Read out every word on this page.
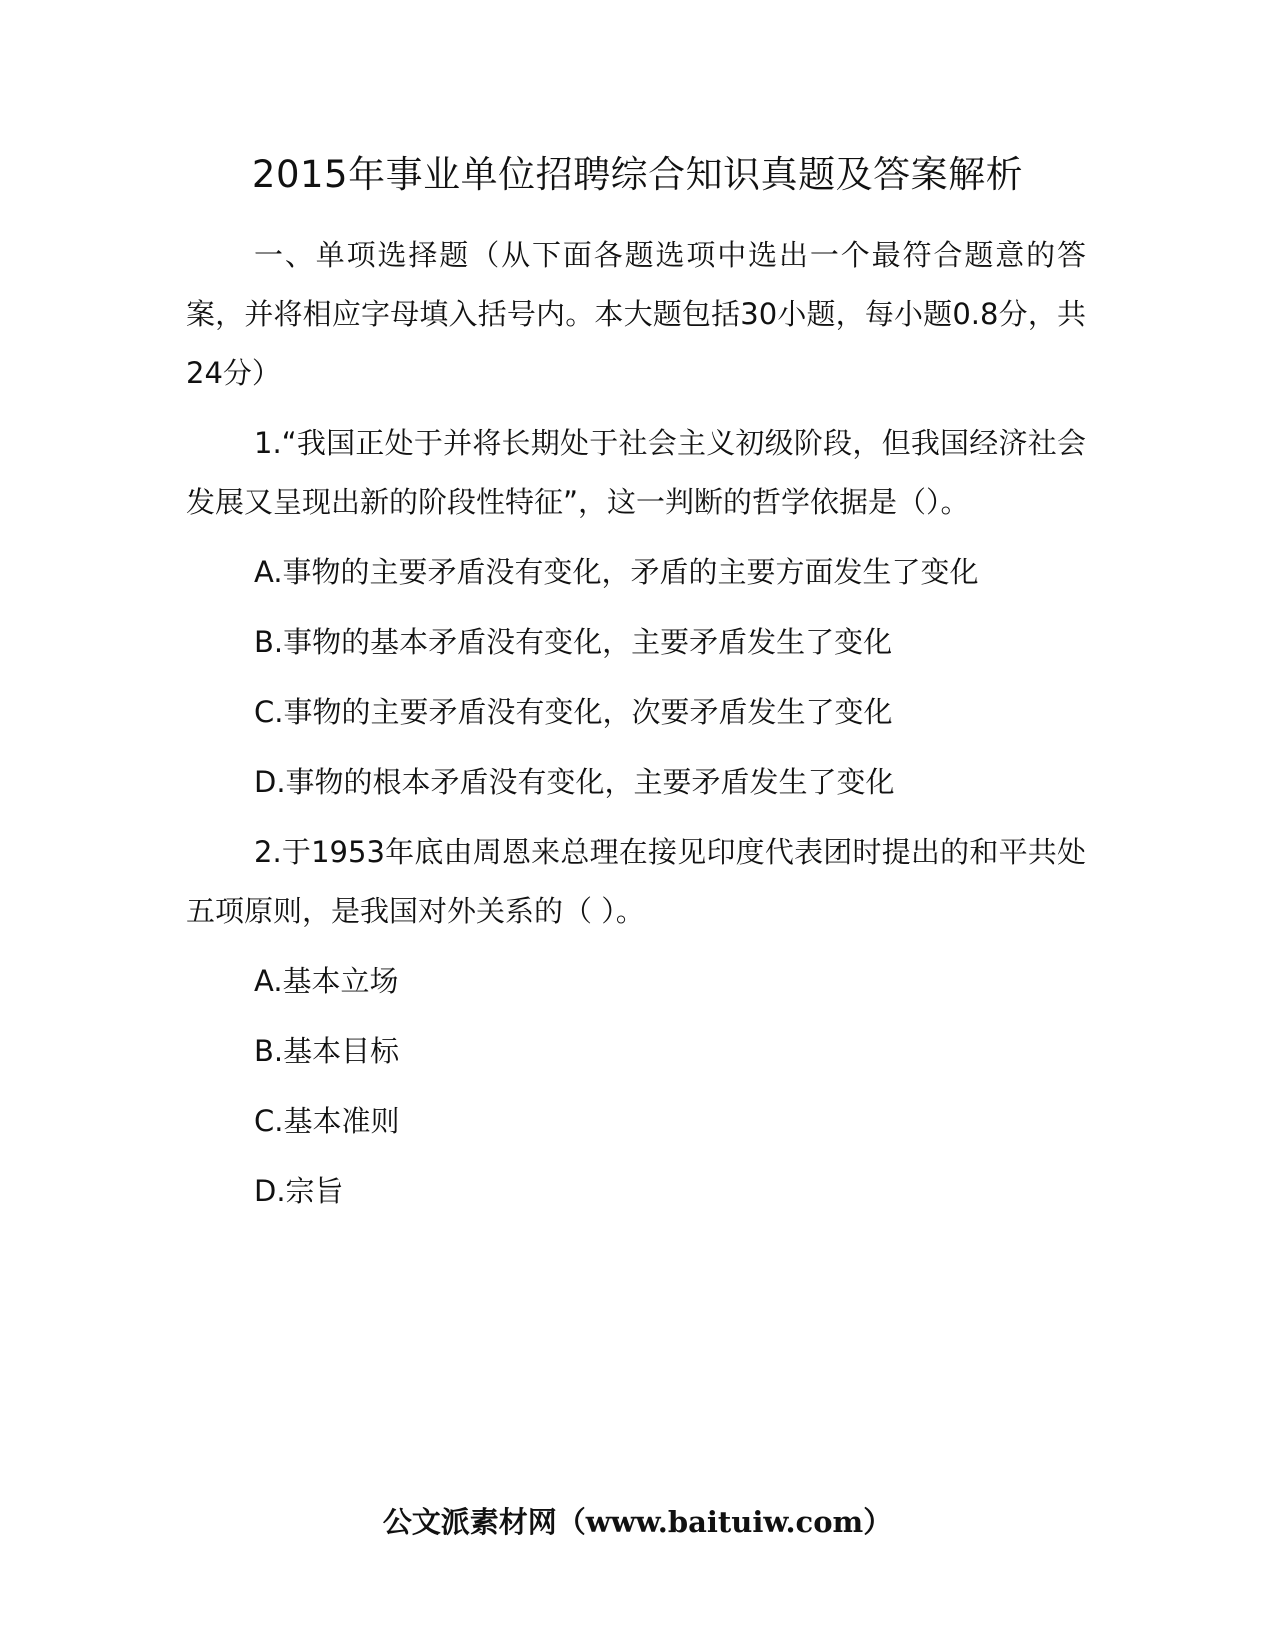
2015年事业单位招聘综合知识真题及答案解析

一、单项选择题（从下面各题选项中选出一个最符合题意的答案，并将相应字母填入括号内。本大题包括30小题，每小题0.8分，共24分）

1.“我国正处于并将长期处于社会主义初级阶段，但我国经济社会发展又呈现出新的阶段性特征”，这一判断的哲学依据是（）。

A.事物的主要矛盾没有变化，矛盾的主要方面发生了变化

B.事物的基本矛盾没有变化，主要矛盾发生了变化

C.事物的主要矛盾没有变化，次要矛盾发生了变化

D.事物的根本矛盾没有变化，主要矛盾发生了变化

2.于1953年底由周恩来总理在接见印度代表团时提出的和平共处五项原则，是我国对外关系的（ ）。

A.基本立场

B.基本目标

C.基本准则

D.宗旨

公文派素材网（www.baituiw.com）
